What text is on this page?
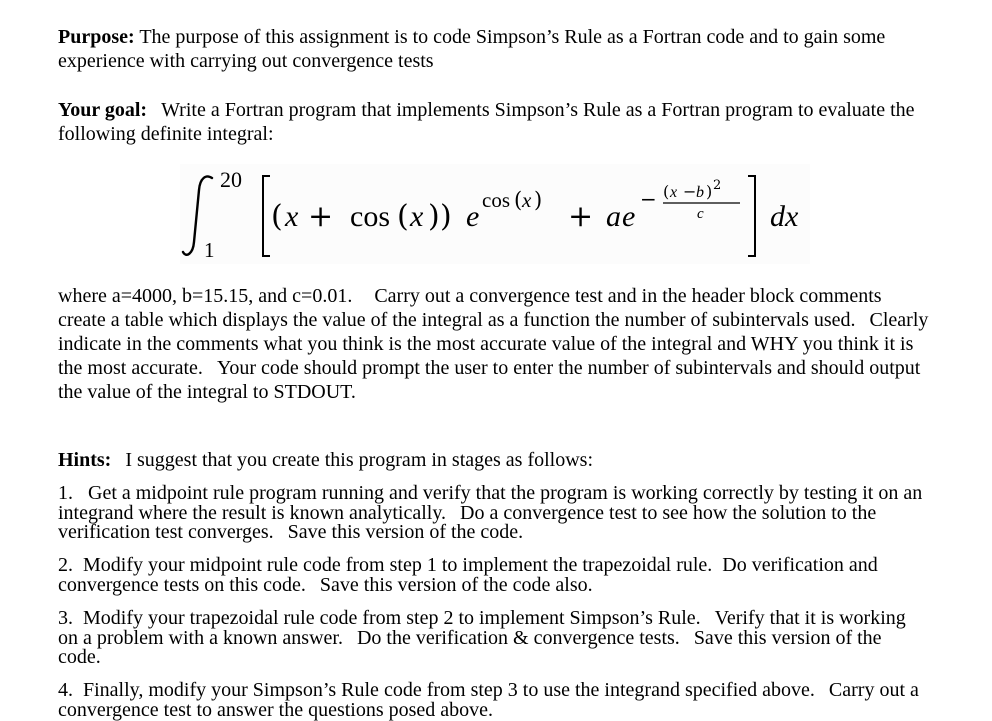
Purpose: The purpose of this assignment is to code Simpson’s Rule as a Fortran code and to gain some experience with carrying out convergence tests

Your goal: Write a Fortran program that implements Simpson’s Rule as a Fortran program to evaluate the following definite integral:

20
1
( x + cos ( x ) ) e cos ( x ) + a e
− ( x − b ) 2
c dx

where a=4000, b=15.15, and c=0.01. Carry out a convergence test and in the header block comments create a table which displays the value of the integral as a function the number of subintervals used. Clearly indicate in the comments what you think is the most accurate value of the integral and WHY you think it is the most accurate. Your code should prompt the user to enter the number of subintervals and should output the value of the integral to STDOUT.

Hints: I suggest that you create this program in stages as follows:

1. Get a midpoint rule program running and verify that the program is working correctly by testing it on an integrand where the result is known analytically. Do a convergence test to see how the solution to the verification test converges. Save this version of the code.

2. Modify your midpoint rule code from step 1 to implement the trapezoidal rule. Do verification and convergence tests on this code. Save this version of the code also.

3. Modify your trapezoidal rule code from step 2 to implement Simpson’s Rule. Verify that it is working on a problem with a known answer. Do the verification & convergence tests. Save this version of the code.

4. Finally, modify your Simpson’s Rule code from step 3 to use the integrand specified above. Carry out a convergence test to answer the questions posed above.
